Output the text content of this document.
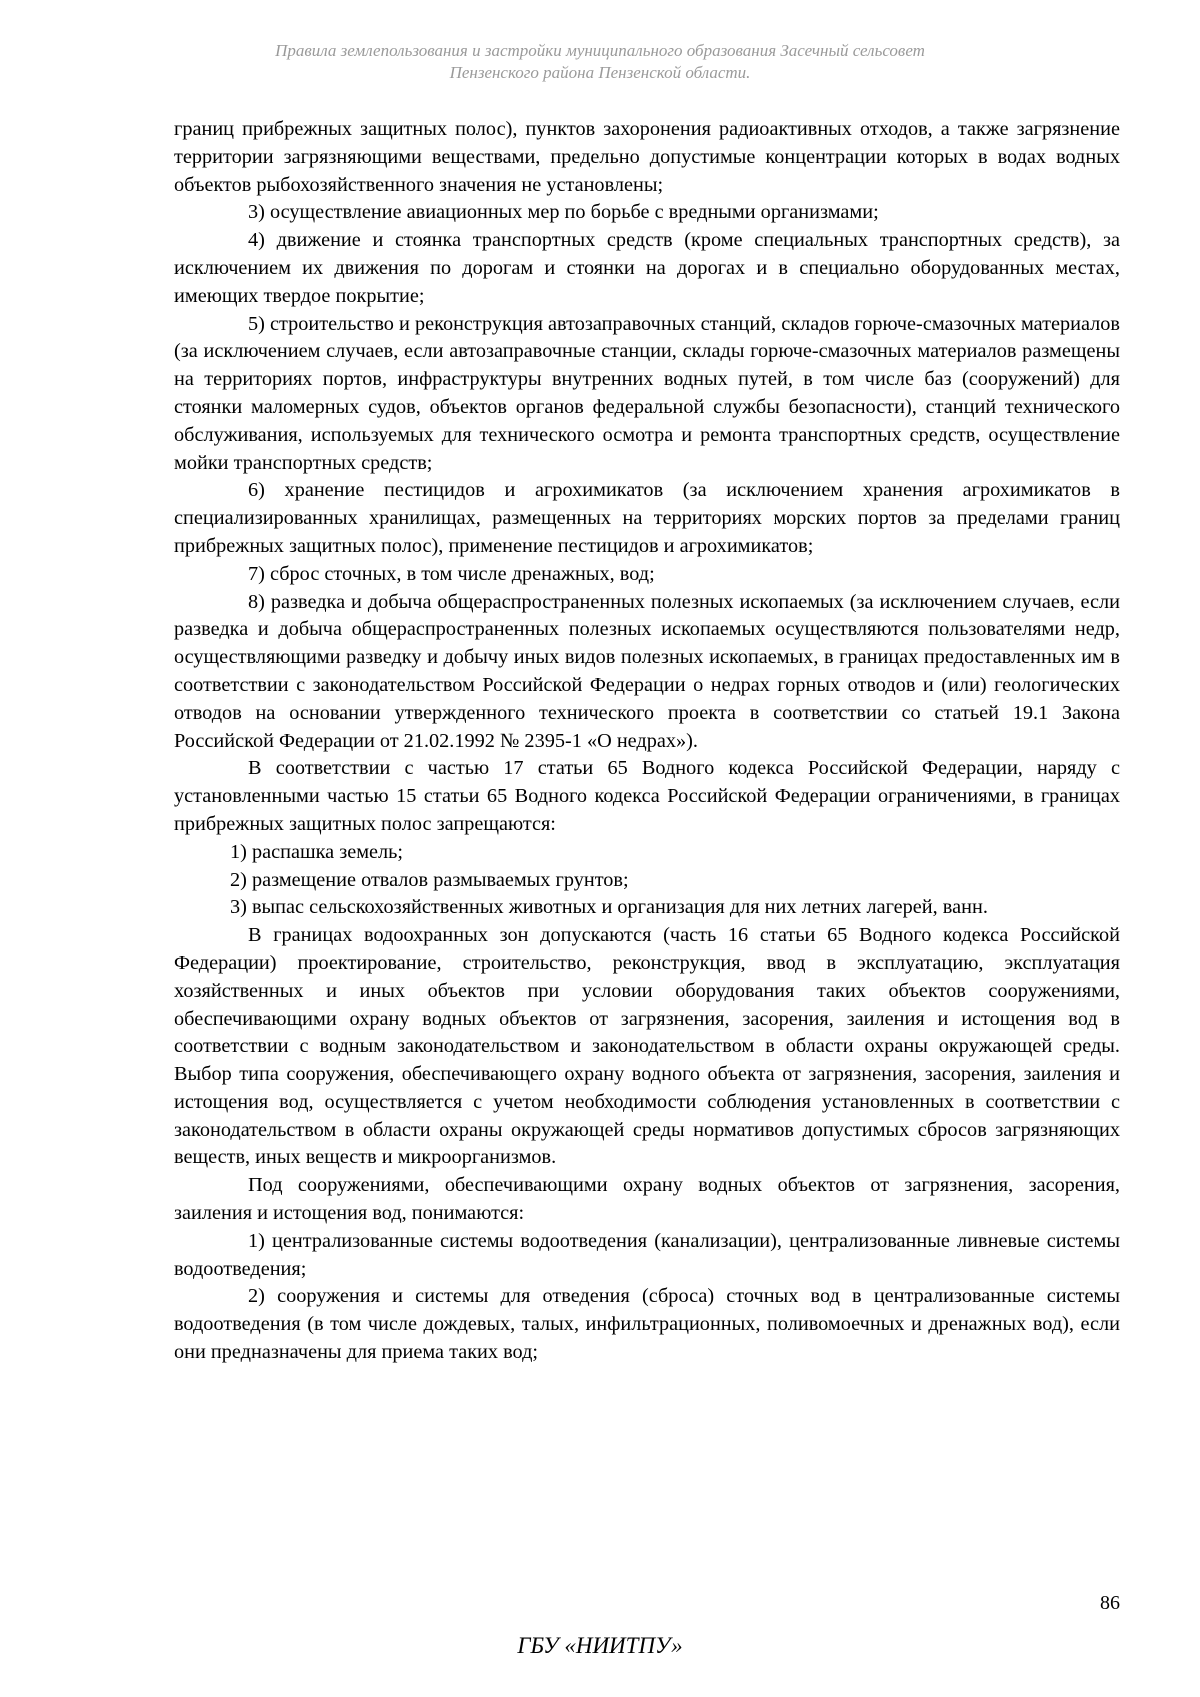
Правила землепользования и застройки муниципального образования Засечный сельсовет
Пензенского района Пензенской области.

границ прибрежных защитных полос), пунктов захоронения радиоактивных отходов, а также загрязнение территории загрязняющими веществами, предельно допустимые концентрации которых в водах водных объектов рыбохозяйственного значения не установлены;

3) осуществление авиационных мер по борьбе с вредными организмами;

4) движение и стоянка транспортных средств (кроме специальных транспортных средств), за исключением их движения по дорогам и стоянки на дорогах и в специально оборудованных местах, имеющих твердое покрытие;

5) строительство и реконструкция автозаправочных станций, складов горюче-смазочных материалов (за исключением случаев, если автозаправочные станции, склады горюче-смазочных материалов размещены на территориях портов, инфраструктуры внутренних водных путей, в том числе баз (сооружений) для стоянки маломерных судов, объектов органов федеральной службы безопасности), станций технического обслуживания, используемых для технического осмотра и ремонта транспортных средств, осуществление мойки транспортных средств;

6) хранение пестицидов и агрохимикатов (за исключением хранения агрохимикатов в специализированных хранилищах, размещенных на территориях морских портов за пределами границ прибрежных защитных полос), применение пестицидов и агрохимикатов;

7) сброс сточных, в том числе дренажных, вод;

8) разведка и добыча общераспространенных полезных ископаемых (за исключением случаев, если разведка и добыча общераспространенных полезных ископаемых осуществляются пользователями недр, осуществляющими разведку и добычу иных видов полезных ископаемых, в границах предоставленных им в соответствии с законодательством Российской Федерации о недрах горных отводов и (или) геологических отводов на основании утвержденного технического проекта в соответствии со статьей 19.1 Закона Российской Федерации от 21.02.1992 № 2395-1 «О недрах»).

В соответствии с частью 17 статьи 65 Водного кодекса Российской Федерации, наряду с установленными частью 15 статьи 65 Водного кодекса Российской Федерации ограничениями, в границах прибрежных защитных полос запрещаются:

1) распашка земель;

2) размещение отвалов размываемых грунтов;

3) выпас сельскохозяйственных животных и организация для них летних лагерей, ванн.

В границах водоохранных зон допускаются (часть 16 статьи 65 Водного кодекса Российской Федерации) проектирование, строительство, реконструкция, ввод в эксплуатацию, эксплуатация хозяйственных и иных объектов при условии оборудования таких объектов сооружениями, обеспечивающими охрану водных объектов от загрязнения, засорения, заиления и истощения вод в соответствии с водным законодательством и законодательством в области охраны окружающей среды. Выбор типа сооружения, обеспечивающего охрану водного объекта от загрязнения, засорения, заиления и истощения вод, осуществляется с учетом необходимости соблюдения установленных в соответствии с законодательством в области охраны окружающей среды нормативов допустимых сбросов загрязняющих веществ, иных веществ и микроорганизмов.

Под сооружениями, обеспечивающими охрану водных объектов от загрязнения, засорения, заиления и истощения вод, понимаются:

1) централизованные системы водоотведения (канализации), централизованные ливневые системы водоотведения;

2) сооружения и системы для отведения (сброса) сточных вод в централизованные системы водоотведения (в том числе дождевых, талых, инфильтрационных, поливомоечных и дренажных вод), если они предназначены для приема таких вод;

86
ГБУ «НИИТПУ»
